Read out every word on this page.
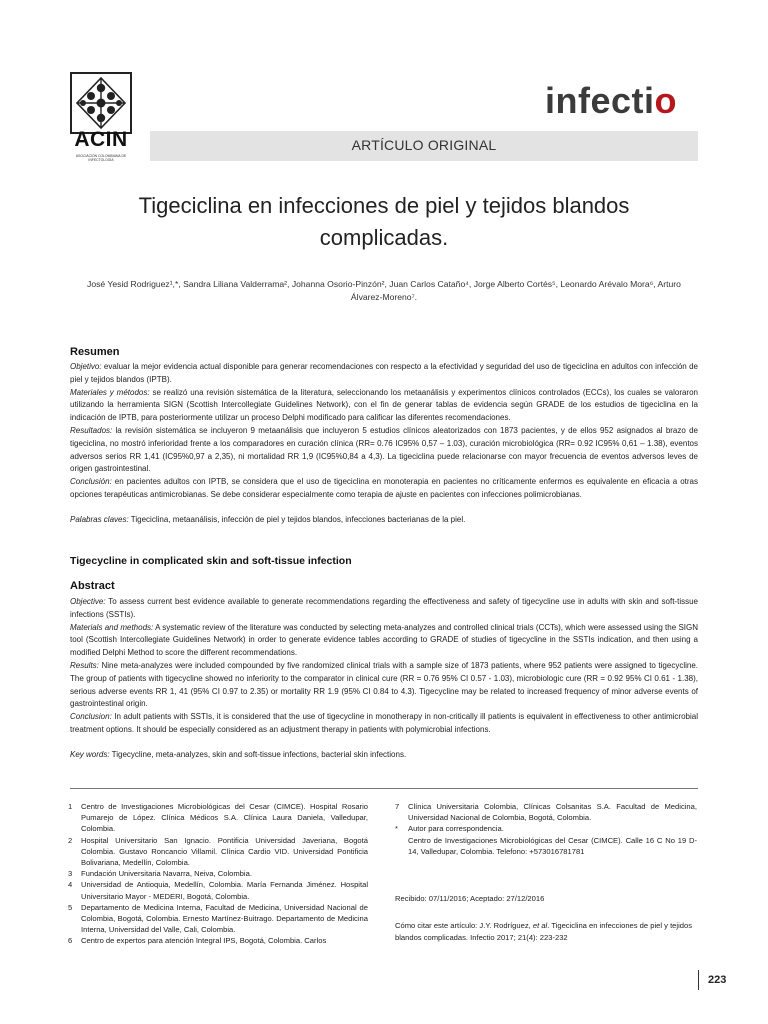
ACIN
ASOCIACIÓN COLOMBIANA DE INFECTOLOGÍA
infectio
ARTÍCULO ORIGINAL
Tigeciclina en infecciones de piel y tejidos blandos complicadas.
José Yesid Rodriguez¹,*, Sandra Liliana Valderrama², Johanna Osorio-Pinzón², Juan Carlos Cataño⁴, Jorge Alberto Cortés⁵, Leonardo Arévalo Mora⁶, Arturo Álvarez-Moreno⁷.
Resumen
Objetivo: evaluar la mejor evidencia actual disponible para generar recomendaciones con respecto a la efectividad y seguridad del uso de tigeciclina en adultos con infección de piel y tejidos blandos (IPTB).
Materiales y métodos: se realizó una revisión sistemática de la literatura, seleccionando los metaanálisis y experimentos clínicos controlados (ECCs), los cuales se valoraron utilizando la herramienta SIGN (Scottish Intercollegiate Guidelines Network), con el fin de generar tablas de evidencia según GRADE de los estudios de tigeciclina en la indicación de IPTB, para posteriormente utilizar un proceso Delphi modificado para calificar las diferentes recomendaciones.
Resultados: la revisión sistemática se incluyeron 9 metaanálisis que incluyeron 5 estudios clínicos aleatorizados con 1873 pacientes, y de ellos 952 asignados al brazo de tigeciclina, no mostró inferioridad frente a los comparadores en curación clínica (RR= 0.76 IC95% 0,57 – 1.03), curación microbiológica (RR= 0.92 IC95% 0,61 – 1.38), eventos adversos serios RR 1,41 (IC95%0,97 a 2,35), ni mortalidad RR 1,9 (IC95%0,84 a 4,3). La tigeciclina puede relacionarse con mayor frecuencia de eventos adversos leves de origen gastrointestinal.
Conclusión: en pacientes adultos con IPTB, se considera que el uso de tigeciclina en monoterapia en pacientes no críticamente enfermos es equivalente en eficacia a otras opciones terapéuticas antimicrobianas. Se debe considerar especialmente como terapia de ajuste en pacientes con infecciones polimicrobianas.
Palabras claves: Tigeciclina, metaanálisis, infección de piel y tejidos blandos, infecciones bacterianas de la piel.
Tigecycline in complicated skin and soft-tissue infection
Abstract
Objective: To assess current best evidence available to generate recommendations regarding the effectiveness and safety of tigecycline use in adults with skin and soft-tissue infections (SSTIs).
Materials and methods: A systematic review of the literature was conducted by selecting meta-analyzes and controlled clinical trials (CCTs), which were assessed using the SIGN tool (Scottish Intercollegiate Guidelines Network) in order to generate evidence tables according to GRADE of studies of tigecycline in the SSTIs indication, and then using a modified Delphi Method to score the different recommendations.
Results: Nine meta-analyzes were included compounded by five randomized clinical trials with a sample size of 1873 patients, where 952 patients were assigned to tigecycline. The group of patients with tigecycline showed no inferiority to the comparator in clinical cure (RR = 0.76 95% CI 0.57 - 1.03), microbiologic cure (RR = 0.92 95% CI 0.61 - 1.38), serious adverse events RR 1, 41 (95% CI 0.97 to 2.35) or mortality RR 1.9 (95% CI 0.84 to 4.3). Tigecycline may be related to increased frequency of minor adverse events of gastrointestinal origin.
Conclusion: In adult patients with SSTIs, it is considered that the use of tigecycline in monotherapy in non-critically ill patients is equivalent in effectiveness to other antimicrobial treatment options. It should be especially considered as an adjustment therapy in patients with polymicrobial infections.
Key words: Tigecycline, meta-analyzes, skin and soft-tissue infections, bacterial skin infections.
1	Centro de Investigaciones Microbiológicas del Cesar (CIMCE). Hospital Rosario Pumarejo de López. Clínica Médicos S.A. Clínica Laura Daniela, Valledupar, Colombia.
2	Hospital Universitario San Ignacio. Pontificia Universidad Javeriana, Bogotá Colombia. Gustavo Roncancio Villamil. Clínica Cardio VID. Universidad Pontificia Bolivariana, Medellín, Colombia.
3	Fundación Universitaria Navarra, Neiva, Colombia.
4	Universidad de Antioquia, Medellín, Colombia. María Fernanda Jiménez. Hospital Universitario Mayor - MEDERI, Bogotá, Colombia.
5	Departamento de Medicina Interna, Facultad de Medicina, Universidad Nacional de Colombia, Bogotá, Colombia. Ernesto Martínez-Buitrago. Departamento de Medicina Interna, Universidad del Valle, Cali, Colombia.
6	Centro de expertos para atención Integral IPS, Bogotá, Colombia. Carlos
7	Clínica Universitaria Colombia, Clínicas Colsanitas S.A. Facultad de Medicina, Universidad Nacional de Colombia, Bogotá, Colombia.
*	Autor para correspondencia.
Centro de Investigaciones Microbiológicas del Cesar (CIMCE). Calle 16 C No 19 D-14, Valledupar, Colombia. Telefono: +573016781781
Recibido: 07/11/2016; Aceptado: 27/12/2016
Cómo citar este artículo: J.Y. Rodríguez, et al. Tigeciclina en infecciones de piel y tejidos blandos complicadas. Infectio 2017; 21(4): 223-232
223
